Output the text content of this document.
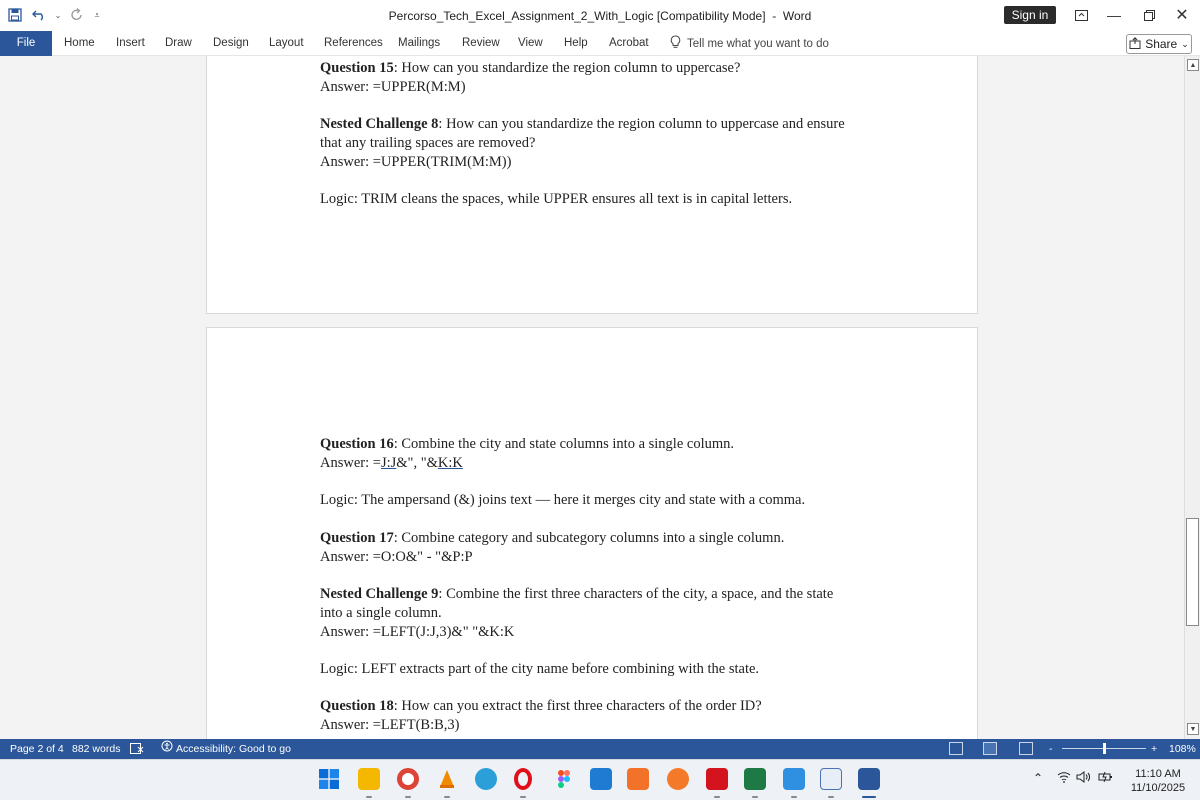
⌄	⩡	Percorso_Tech_Excel_Assignment_2_With_Logic [Compatibility Mode] - Word	Sign in	—	✕
File	Home Insert Draw Design Layout References Mailings Review View Help Acrobat	Tell me what you want to do	Share ⌄
Question 15: How can you standardize the region column to uppercase?
Answer: =UPPER(M:M)
Nested Challenge 8: How can you standardize the region column to uppercase and ensure
that any trailing spaces are removed?
Answer: =UPPER(TRIM(M:M))
Logic: TRIM cleans the spaces, while UPPER ensures all text is in capital letters.
Question 16: Combine the city and state columns into a single column.
Answer: =J:J&", "&K:K
Logic: The ampersand (&) joins text — here it merges city and state with a comma.
Question 17: Combine category and subcategory columns into a single column.
Answer: =O:O&" - "&P:P
Nested Challenge 9: Combine the first three characters of the city, a space, and the state
into a single column.
Answer: =LEFT(J:J,3)&" "&K:K
Logic: LEFT extracts part of the city name before combining with the state.
Question 18: How can you extract the first three characters of the order ID?
Answer: =LEFT(B:B,3)
▲
▼
Page 2 of 4 882 words	Accessibility: Good to go	-	+ 108%
⌃	11:10 AM
11/10/2025
